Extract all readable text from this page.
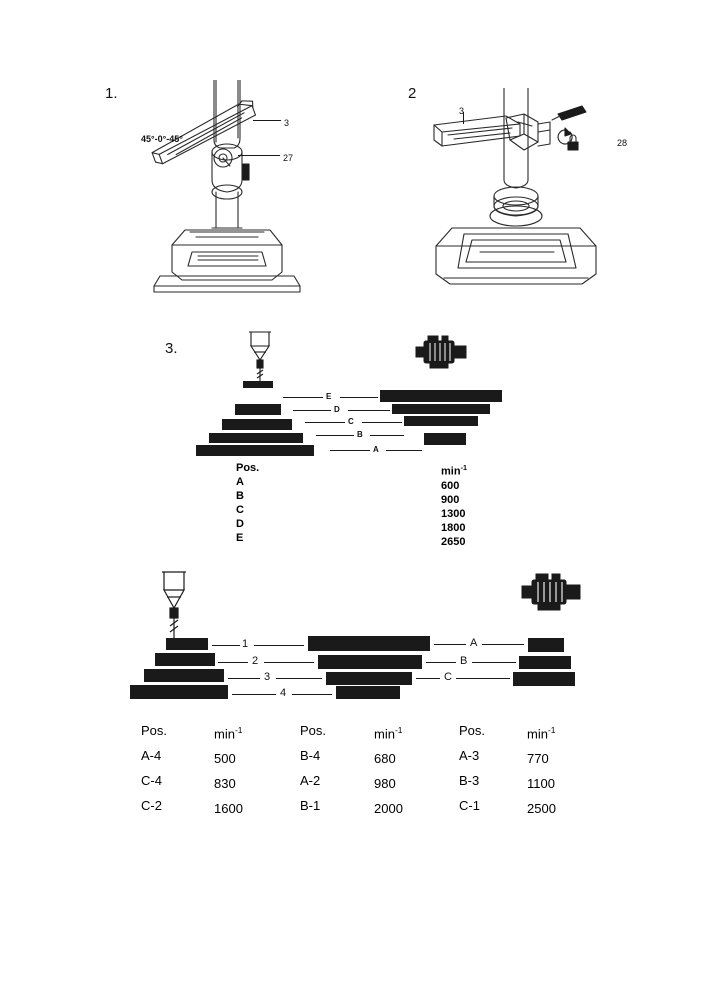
1.
45°-0°-45°
3
27
2
3
28
3.
E
D
C
B
A
Pos.
A
B
C
D
E
$\min^{-1}$
600
900
1300
1800
2650
1
2
3
4
A
B
C
Pos.
A-4
C-4
C-2
$\min^{-1}$
500
830
1600
Pos.
B-4
A-2
B-1
$\min^{-1}$
680
980
2000
Pos.
A-3
B-3
C-1
$\min^{-1}$
770
1100
2500
